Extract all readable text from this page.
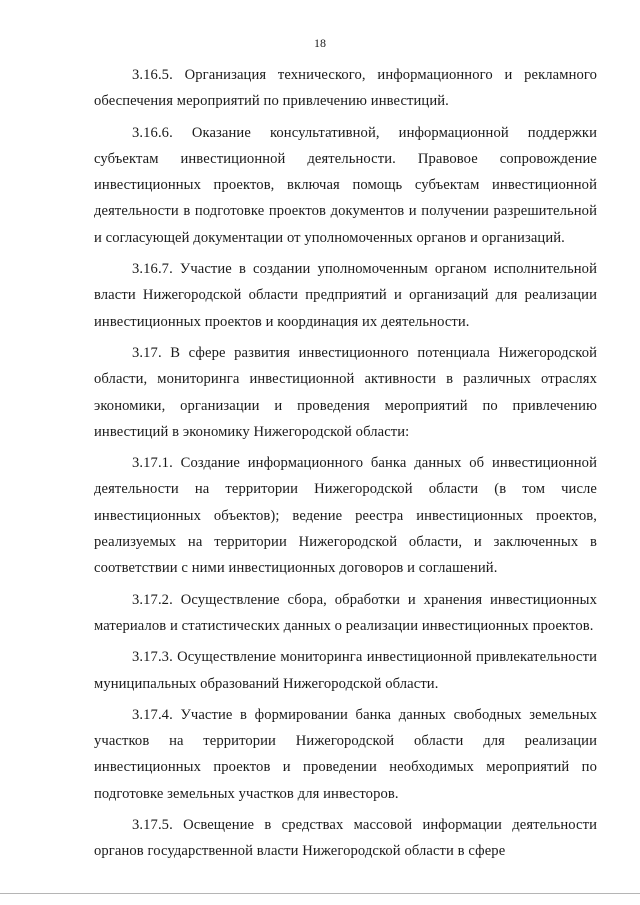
18

3.16.5. Организация технического, информационного и рекламного обеспечения мероприятий по привлечению инвестиций.

3.16.6. Оказание консультативной, информационной поддержки субъектам инвестиционной деятельности. Правовое сопровождение инвестиционных проектов, включая помощь субъектам инвестиционной деятельности в подготовке проектов документов и получении разрешительной и согласующей документации от уполномоченных органов и организаций.

3.16.7. Участие в создании уполномоченным органом исполнительной власти Нижегородской области предприятий и организаций для реализации инвестиционных проектов и координация их деятельности.

3.17. В сфере развития инвестиционного потенциала Нижегородской области, мониторинга инвестиционной активности в различных отраслях экономики, организации и проведения мероприятий по привлечению инвестиций в экономику Нижегородской области:

3.17.1. Создание информационного банка данных об инвестиционной деятельности на территории Нижегородской области (в том числе инвестиционных объектов); ведение реестра инвестиционных проектов, реализуемых на территории Нижегородской области, и заключенных в соответствии с ними инвестиционных договоров и соглашений.

3.17.2. Осуществление сбора, обработки и хранения инвестиционных материалов и статистических данных о реализации инвестиционных проектов.

3.17.3. Осуществление мониторинга инвестиционной привлекательности муниципальных образований Нижегородской области.

3.17.4. Участие в формировании банка данных свободных земельных участков на территории Нижегородской области для реализации инвестиционных проектов и проведении необходимых мероприятий по подготовке земельных участков для инвесторов.

3.17.5. Освещение в средствах массовой информации деятельности органов государственной власти Нижегородской области в сфере
